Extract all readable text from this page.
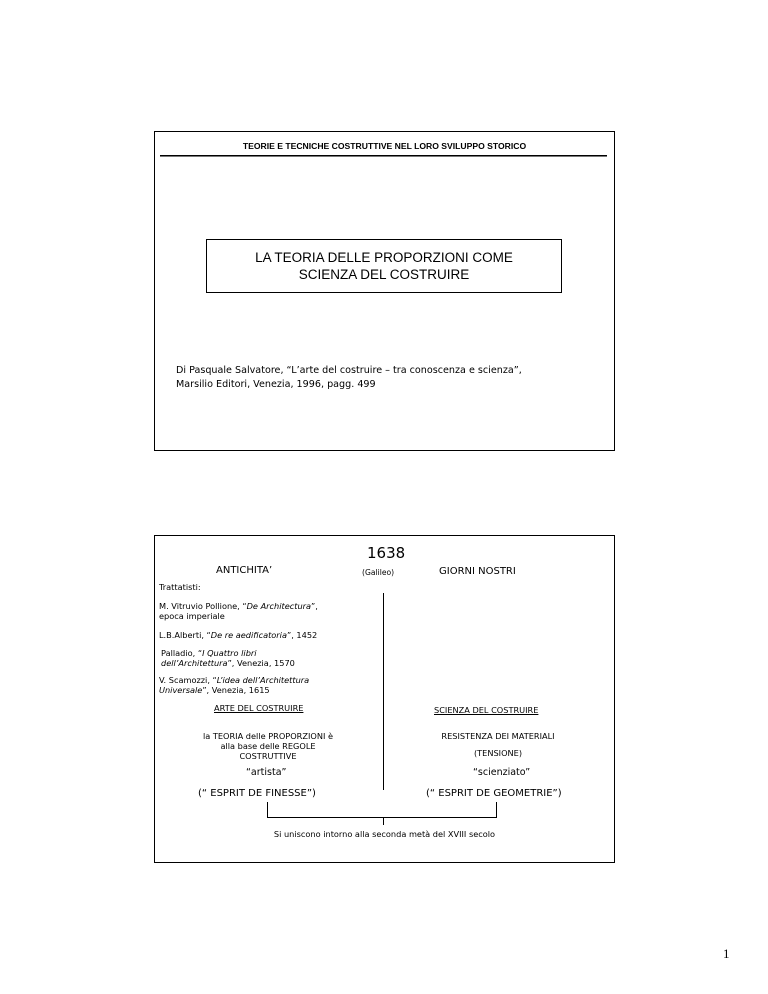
TEORIE E TECNICHE COSTRUTTIVE NEL LORO SVILUPPO STORICO
LA TEORIA DELLE PROPORZIONI COME
SCIENZA DEL COSTRUIRE
Di Pasquale Salvatore, “L’arte del costruire – tra conoscenza e scienza”,
Marsilio Editori, Venezia, 1996, pagg. 499
1638
ANTICHITA’	(Galileo)	GIORNI NOSTRI
Trattatisti:
M. Vitruvio Pollione, “De Architectura”,
epoca imperiale
L.B.Alberti, “De re aedificatoria”, 1452
Palladio, “I Quattro libri
dell’Architettura”, Venezia, 1570
V. Scamozzi, “L’idea dell’Architettura
Universale”, Venezia, 1615
ARTE DEL COSTRUIRE
la TEORIA delle PROPORZIONI è
alla base delle REGOLE
COSTRUTTIVE
“artista”
(“ ESPRIT DE FINESSE”)
SCIENZA DEL COSTRUIRE
RESISTENZA DEI MATERIALI
(TENSIONE)
“scienziato”
(“ ESPRIT DE GEOMETRIE”)
Si uniscono intorno alla seconda metà del XVIII secolo
1
